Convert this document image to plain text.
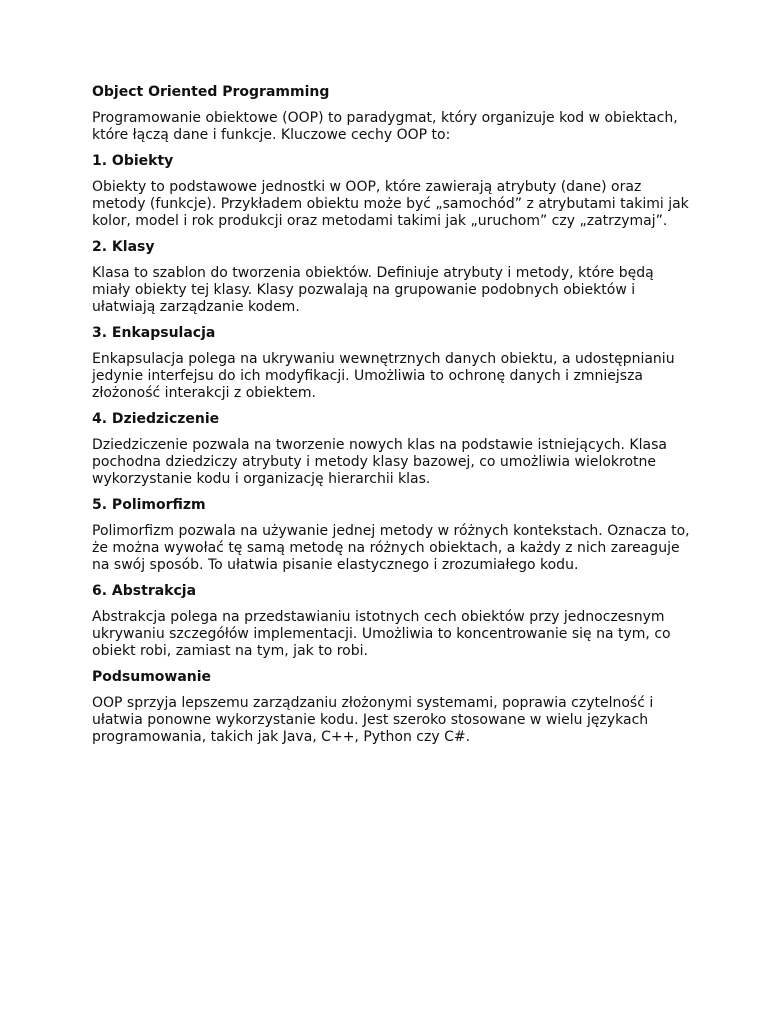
Object Oriented Programming

Programowanie obiektowe (OOP) to paradygmat, który organizuje kod w obiektach, które łączą dane i funkcje. Kluczowe cechy OOP to:

1. Obiekty

Obiekty to podstawowe jednostki w OOP, które zawierają atrybuty (dane) oraz metody (funkcje). Przykładem obiektu może być „samochód” z atrybutami takimi jak kolor, model i rok produkcji oraz metodami takimi jak „uruchom” czy „zatrzymaj”.

2. Klasy

Klasa to szablon do tworzenia obiektów. Definiuje atrybuty i metody, które będą miały obiekty tej klasy. Klasy pozwalają na grupowanie podobnych obiektów i ułatwiają zarządzanie kodem.

3. Enkapsulacja

Enkapsulacja polega na ukrywaniu wewnętrznych danych obiektu, a udostępnianiu jedynie interfejsu do ich modyfikacji. Umożliwia to ochronę danych i zmniejsza złożoność interakcji z obiektem.

4. Dziedziczenie

Dziedziczenie pozwala na tworzenie nowych klas na podstawie istniejących. Klasa pochodna dziedziczy atrybuty i metody klasy bazowej, co umożliwia wielokrotne wykorzystanie kodu i organizację hierarchii klas.

5. Polimorfizm

Polimorfizm pozwala na używanie jednej metody w różnych kontekstach. Oznacza to, że można wywołać tę samą metodę na różnych obiektach, a każdy z nich zareaguje na swój sposób. To ułatwia pisanie elastycznego i zrozumiałego kodu.

6. Abstrakcja

Abstrakcja polega na przedstawianiu istotnych cech obiektów przy jednoczesnym ukrywaniu szczegółów implementacji. Umożliwia to koncentrowanie się na tym, co obiekt robi, zamiast na tym, jak to robi.

Podsumowanie

OOP sprzyja lepszemu zarządzaniu złożonymi systemami, poprawia czytelność i ułatwia ponowne wykorzystanie kodu. Jest szeroko stosowane w wielu językach programowania, takich jak Java, C++, Python czy C#.
